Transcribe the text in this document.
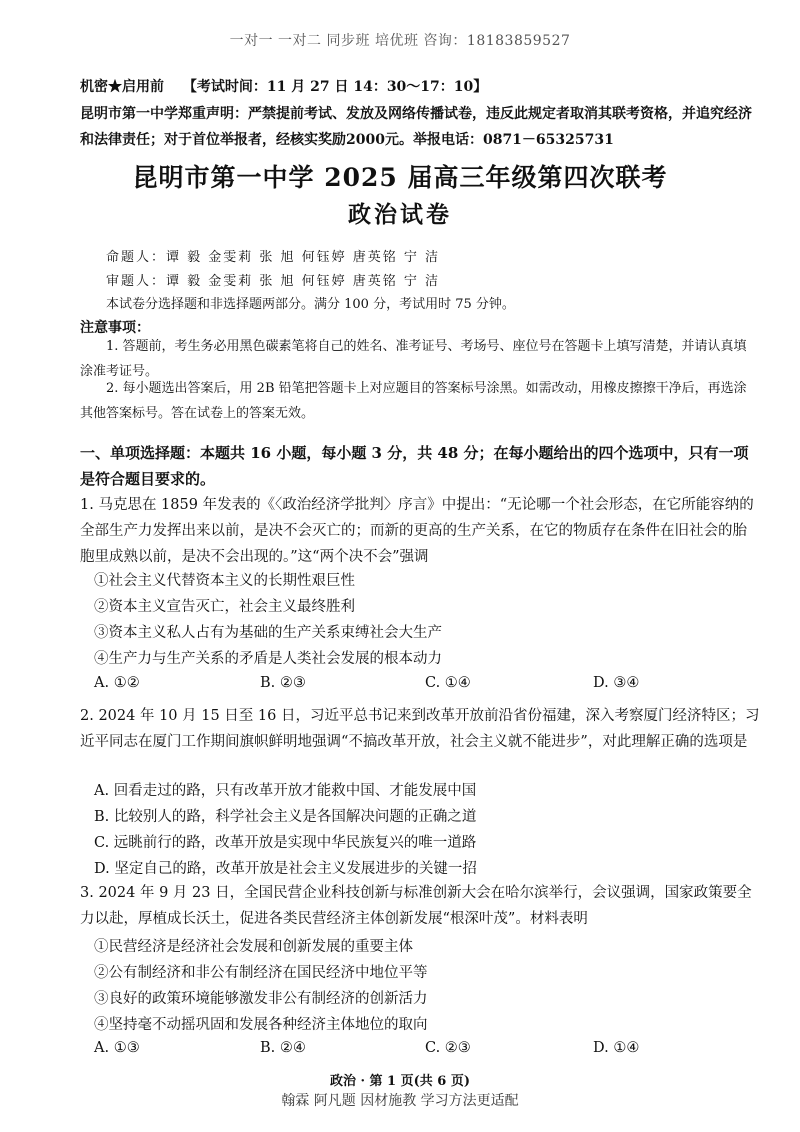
一对一 一对二 同步班 培优班 咨询：18183859527
机密★启用前 【考试时间：11 月 27 日 14：30～17：10】
昆明市第一中学郑重声明：严禁提前考试、发放及网络传播试卷，违反此规定者取消其联考资格，并追究经济和法律责任；对于首位举报者，经核实奖励2000元。举报电话：0871－65325731
昆明市第一中学 2025 届高三年级第四次联考
政治试卷
命题人：谭 毅 金雯莉 张 旭 何钰婷 唐英铭 宁 洁
审题人：谭 毅 金雯莉 张 旭 何钰婷 唐英铭 宁 洁
本试卷分选择题和非选择题两部分。满分 100 分，考试用时 75 分钟。
注意事项：
1. 答题前，考生务必用黑色碳素笔将自己的姓名、准考证号、考场号、座位号在答题卡上填写清楚，并请认真填涂准考证号。
2. 每小题选出答案后，用 2B 铅笔把答题卡上对应题目的答案标号涂黑。如需改动，用橡皮擦擦干净后，再选涂其他答案标号。答在试卷上的答案无效。
一、单项选择题：本题共 16 小题，每小题 3 分，共 48 分；在每小题给出的四个选项中，只有一项是符合题目要求的。
1. 马克思在 1859 年发表的《〈政治经济学批判〉序言》中提出：“无论哪一个社会形态，在它所能容纳的全部生产力发挥出来以前，是决不会灭亡的；而新的更高的生产关系，在它的物质存在条件在旧社会的胎胞里成熟以前，是决不会出现的。”这“两个决不会”强调
①社会主义代替资本主义的长期性艰巨性
②资本主义宣告灭亡，社会主义最终胜利
③资本主义私人占有为基础的生产关系束缚社会大生产
④生产力与生产关系的矛盾是人类社会发展的根本动力
A. ①②	B. ②③	C. ①④	D. ③④
2. 2024 年 10 月 15 日至 16 日，习近平总书记来到改革开放前沿省份福建，深入考察厦门经济特区；习近平同志在厦门工作期间旗帜鲜明地强调“不搞改革开放，社会主义就不能进步”，对此理解正确的选项是
A. 回看走过的路，只有改革开放才能救中国、才能发展中国
B. 比较别人的路，科学社会主义是各国解决问题的正确之道
C. 远眺前行的路，改革开放是实现中华民族复兴的唯一道路
D. 坚定自己的路，改革开放是社会主义发展进步的关键一招
3. 2024 年 9 月 23 日，全国民营企业科技创新与标准创新大会在哈尔滨举行，会议强调，国家政策要全力以赴，厚植成长沃土，促进各类民营经济主体创新发展“根深叶茂”。材料表明
①民营经济是经济社会发展和创新发展的重要主体
②公有制经济和非公有制经济在国民经济中地位平等
③良好的政策环境能够激发非公有制经济的创新活力
④坚持毫不动摇巩固和发展各种经济主体地位的取向
A. ①③	B. ②④	C. ②③	D. ①④
政治 · 第 1 页(共 6 页)
翰霖 阿凡题 因材施教 学习方法更适配
